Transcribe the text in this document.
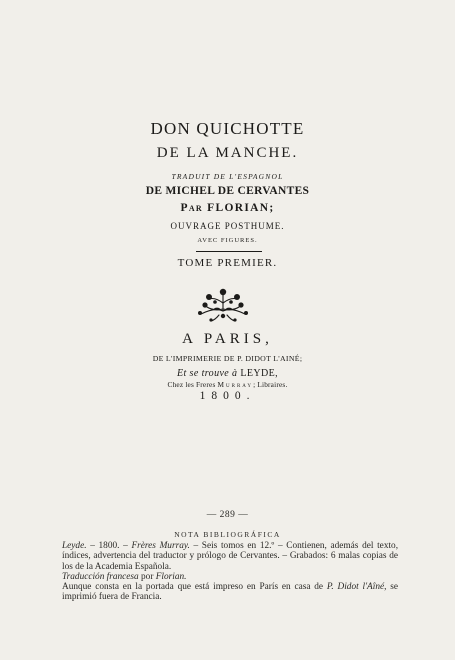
DON QUICHOTTE
DE LA MANCHE.
TRADUIT DE L'ESPAGNOL
DE MICHEL DE CERVANTES
Par FLORIAN;
OUVRAGE POSTHUME.
AVEC FIGURES.
TOME PREMIER.
A PARIS,
DE L'IMPRIMERIE DE P. DIDOT L'AINÉ;
Et se trouve à LEYDE,
Chez les Freres Murray; Libraires.
1800.
— 289 —
NOTA BIBLIOGRÁFICA

Leyde. – 1800. – Frères Murray. – Seis tomos en 12.º – Contienen, además del texto, índices, advertencia del traductor y prólogo de Cervantes. – Grabados: 6 malas copias de los de la Academia Española.

Traducción francesa por Florian.

Aunque consta en la portada que está impreso en París en casa de P. Didot l'Aîné, se imprimió fuera de Francia.
